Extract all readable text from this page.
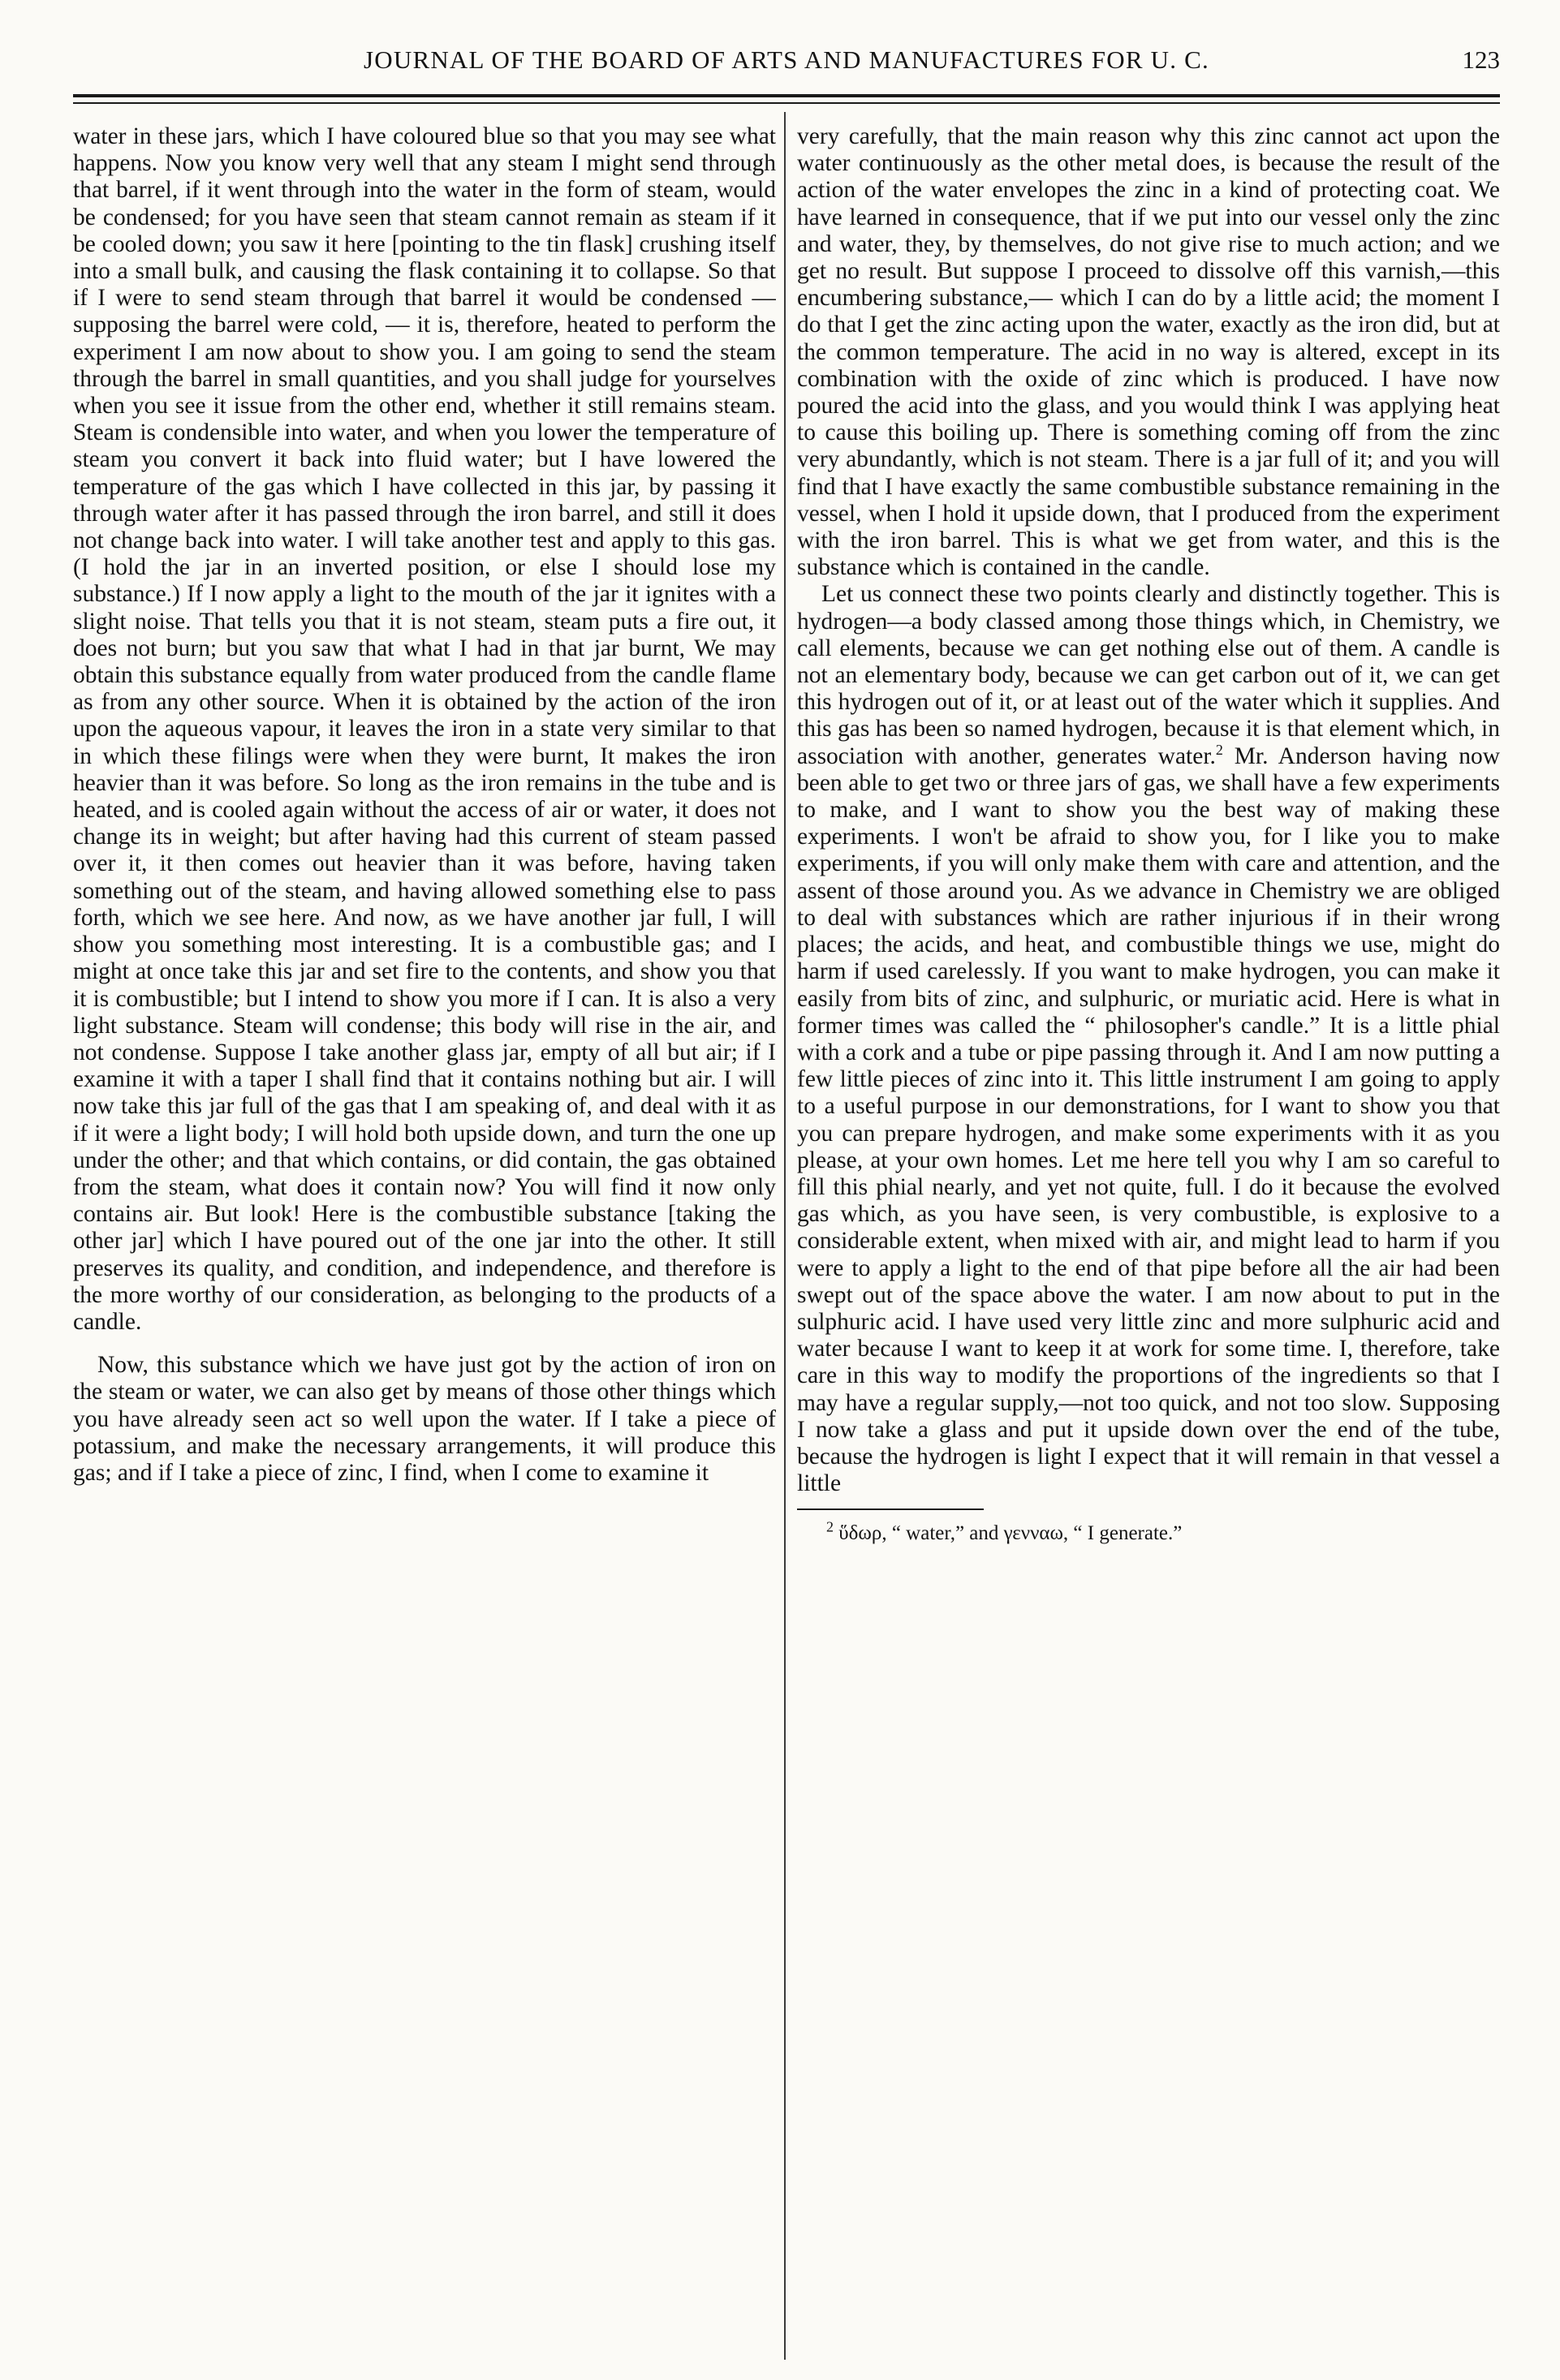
JOURNAL OF THE BOARD OF ARTS AND MANUFACTURES FOR U. C.	123

water in these jars, which I have coloured blue so that you may see what happens. Now you know very well that any steam I might send through that barrel, if it went through into the water in the form of steam, would be condensed; for you have seen that steam cannot remain as steam if it be cooled down; you saw it here [pointing to the tin flask] crushing itself into a small bulk, and causing the flask containing it to collapse. So that if I were to send steam through that barrel it would be condensed — supposing the barrel were cold, — it is, therefore, heated to perform the experiment I am now about to show you. I am going to send the steam through the barrel in small quantities, and you shall judge for yourselves when you see it issue from the other end, whether it still remains steam. Steam is condensible into water, and when you lower the temperature of steam you convert it back into fluid water; but I have lowered the temperature of the gas which I have collected in this jar, by passing it through water after it has passed through the iron barrel, and still it does not change back into water. I will take another test and apply to this gas. (I hold the jar in an inverted position, or else I should lose my substance.) If I now apply a light to the mouth of the jar it ignites with a slight noise. That tells you that it is not steam, steam puts a fire out, it does not burn; but you saw that what I had in that jar burnt, We may obtain this substance equally from water produced from the candle flame as from any other source. When it is obtained by the action of the iron upon the aqueous vapour, it leaves the iron in a state very similar to that in which these filings were when they were burnt, It makes the iron heavier than it was before. So long as the iron remains in the tube and is heated, and is cooled again without the access of air or water, it does not change its in weight; but after having had this current of steam passed over it, it then comes out heavier than it was before, having taken something out of the steam, and having allowed something else to pass forth, which we see here. And now, as we have another jar full, I will show you something most interesting. It is a combustible gas; and I might at once take this jar and set fire to the contents, and show you that it is combustible; but I intend to show you more if I can. It is also a very light substance. Steam will condense; this body will rise in the air, and not condense. Suppose I take another glass jar, empty of all but air; if I examine it with a taper I shall find that it contains nothing but air. I will now take this jar full of the gas that I am speaking of, and deal with it as if it were a light body; I will hold both upside down, and turn the one up under the other; and that which contains, or did contain, the gas obtained from the steam, what does it contain now? You will find it now only contains air. But look! Here is the combustible substance [taking the other jar] which I have poured out of the one jar into the other. It still preserves its quality, and condition, and independence, and therefore is the more worthy of our consideration, as belonging to the products of a candle.

Now, this substance which we have just got by the action of iron on the steam or water, we can also get by means of those other things which you have already seen act so well upon the water. If I take a piece of potassium, and make the necessary arrangements, it will produce this gas; and if I take a piece of zinc, I find, when I come to examine it

very carefully, that the main reason why this zinc cannot act upon the water continuously as the other metal does, is because the result of the action of the water envelopes the zinc in a kind of protecting coat. We have learned in consequence, that if we put into our vessel only the zinc and water, they, by themselves, do not give rise to much action; and we get no result. But suppose I proceed to dissolve off this varnish,—this encumbering substance,— which I can do by a little acid; the moment I do that I get the zinc acting upon the water, exactly as the iron did, but at the common temperature. The acid in no way is altered, except in its combination with the oxide of zinc which is produced. I have now poured the acid into the glass, and you would think I was applying heat to cause this boiling up. There is something coming off from the zinc very abundantly, which is not steam. There is a jar full of it; and you will find that I have exactly the same combustible substance remaining in the vessel, when I hold it upside down, that I produced from the experiment with the iron barrel. This is what we get from water, and this is the substance which is contained in the candle.

Let us connect these two points clearly and distinctly together. This is hydrogen—a body classed among those things which, in Chemistry, we call elements, because we can get nothing else out of them. A candle is not an elementary body, because we can get carbon out of it, we can get this hydrogen out of it, or at least out of the water which it supplies. And this gas has been so named hydrogen, because it is that element which, in association with another, generates water.$^2$ Mr. Anderson having now been able to get two or three jars of gas, we shall have a few experiments to make, and I want to show you the best way of making these experiments. I won't be afraid to show you, for I like you to make experiments, if you will only make them with care and attention, and the assent of those around you. As we advance in Chemistry we are obliged to deal with substances which are rather injurious if in their wrong places; the acids, and heat, and combustible things we use, might do harm if used carelessly. If you want to make hydrogen, you can make it easily from bits of zinc, and sulphuric, or muriatic acid. Here is what in former times was called the “ philosopher's candle.” It is a little phial with a cork and a tube or pipe passing through it. And I am now putting a few little pieces of zinc into it. This little instrument I am going to apply to a useful purpose in our demonstrations, for I want to show you that you can prepare hydrogen, and make some experiments with it as you please, at your own homes. Let me here tell you why I am so careful to fill this phial nearly, and yet not quite, full. I do it because the evolved gas which, as you have seen, is very combustible, is explosive to a considerable extent, when mixed with air, and might lead to harm if you were to apply a light to the end of that pipe before all the air had been swept out of the space above the water. I am now about to put in the sulphuric acid. I have used very little zinc and more sulphuric acid and water because I want to keep it at work for some time. I, therefore, take care in this way to modify the proportions of the ingredients so that I may have a regular supply,—not too quick, and not too slow. Supposing I now take a glass and put it upside down over the end of the tube, because the hydrogen is light I expect that it will remain in that vessel a little

$^2$ ὕδωρ, “ water,” and γενναω, “ I generate.”
